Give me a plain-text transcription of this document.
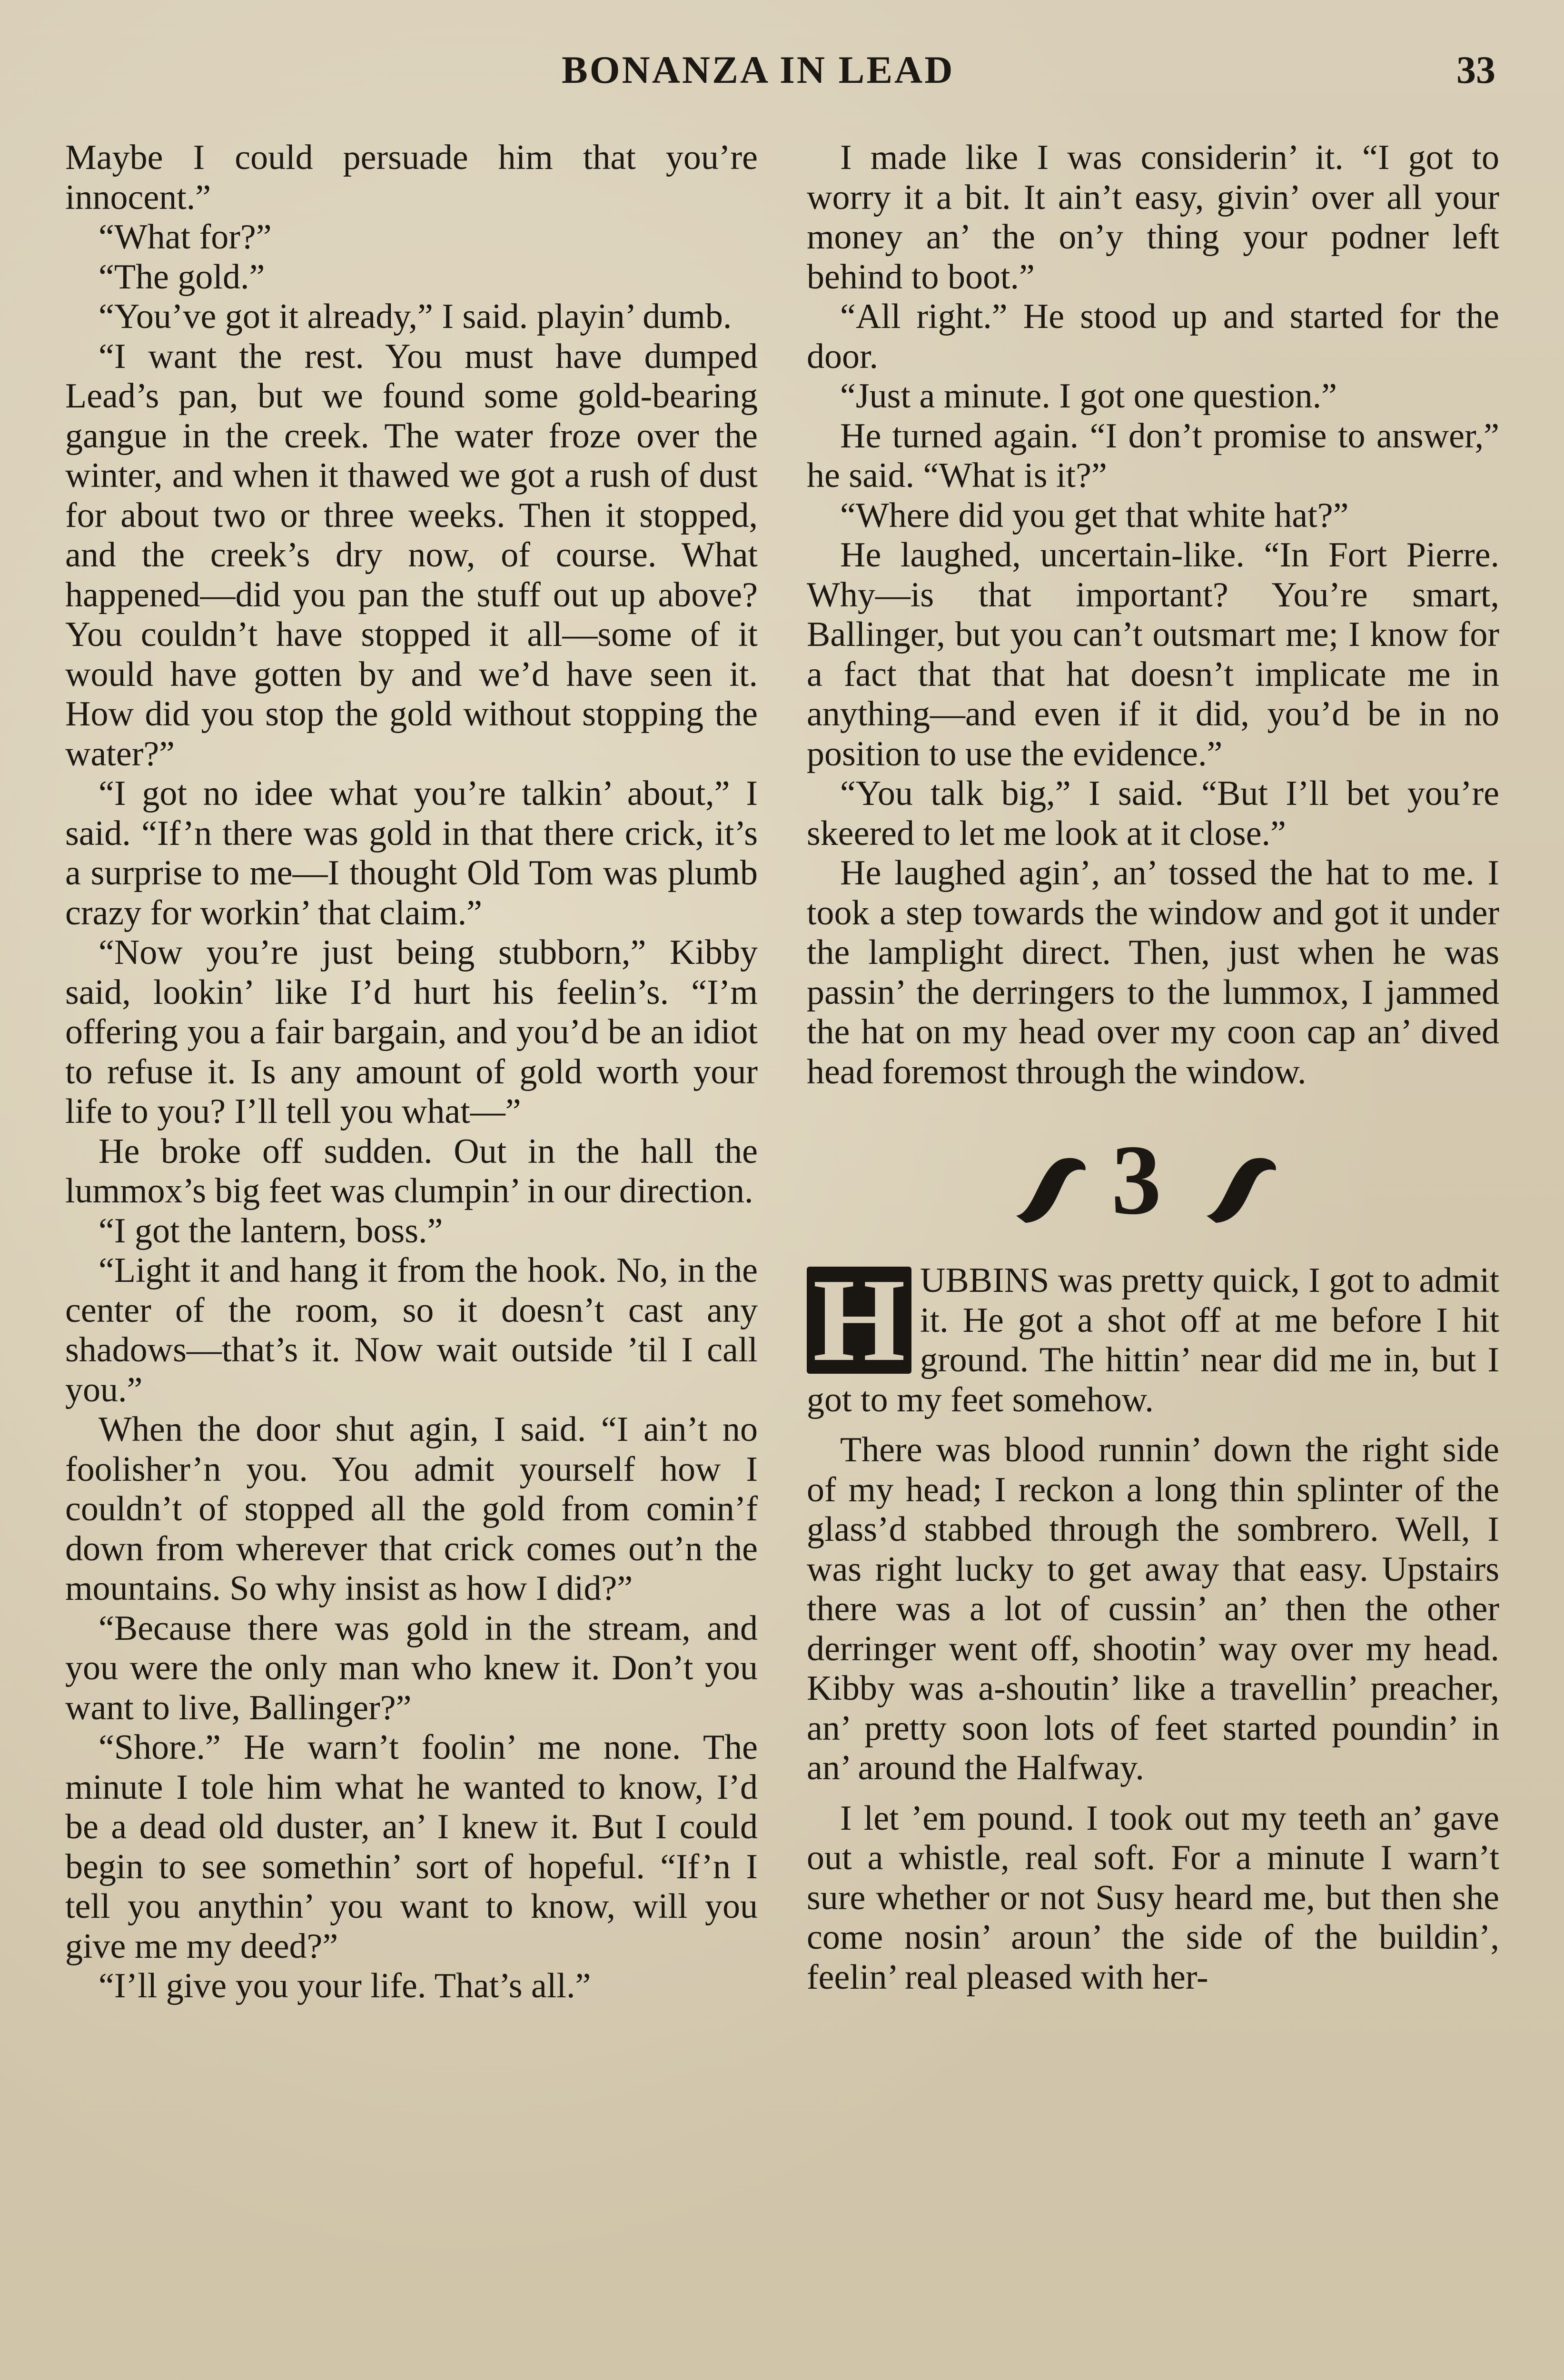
BONANZA IN LEAD	33

Maybe I could persuade him that you’re innocent.”

“What for?”

“The gold.”

“You’ve got it already,” I said. playin’ dumb.

“I want the rest. You must have dumped Lead’s pan, but we found some gold-bearing gangue in the creek. The water froze over the winter, and when it thawed we got a rush of dust for about two or three weeks. Then it stopped, and the creek’s dry now, of course. What happened—did you pan the stuff out up above? You couldn’t have stopped it all—some of it would have gotten by and we’d have seen it. How did you stop the gold without stopping the water?”

“I got no idee what you’re talkin’ about,” I said. “If’n there was gold in that there crick, it’s a surprise to me—I thought Old Tom was plumb crazy for workin’ that claim.”

“Now you’re just being stubborn,” Kibby said, lookin’ like I’d hurt his feelin’s. “I’m offering you a fair bargain, and you’d be an idiot to refuse it. Is any amount of gold worth your life to you? I’ll tell you what—”

He broke off sudden. Out in the hall the lummox’s big feet was clumpin’ in our direction.

“I got the lantern, boss.”

“Light it and hang it from the hook. No, in the center of the room, so it doesn’t cast any shadows—that’s it. Now wait outside ’til I call you.”

When the door shut agin, I said. “I ain’t no foolisher’n you. You admit yourself how I couldn’t of stopped all the gold from comin’f down from wherever that crick comes out’n the mountains. So why insist as how I did?”

“Because there was gold in the stream, and you were the only man who knew it. Don’t you want to live, Ballinger?”

“Shore.” He warn’t foolin’ me none. The minute I tole him what he wanted to know, I’d be a dead old duster, an’ I knew it. But I could begin to see somethin’ sort of hopeful. “If’n I tell you anythin’ you want to know, will you give me my deed?”

“I’ll give you your life. That’s all.”

I made like I was considerin’ it. “I got to worry it a bit. It ain’t easy, givin’ over all your money an’ the on’y thing your podner left behind to boot.”

“All right.” He stood up and started for the door.

“Just a minute. I got one question.”

He turned again. “I don’t promise to answer,” he said. “What is it?”

“Where did you get that white hat?”

He laughed, uncertain-like. “In Fort Pierre. Why—is that important? You’re smart, Ballinger, but you can’t outsmart me; I know for a fact that that hat doesn’t implicate me in anything—and even if it did, you’d be in no position to use the evidence.”

“You talk big,” I said. “But I’ll bet you’re skeered to let me look at it close.”

He laughed agin’, an’ tossed the hat to me. I took a step towards the window and got it under the lamplight direct. Then, just when he was passin’ the derringers to the lummox, I jammed the hat on my head over my coon cap an’ dived head foremost through the window.

3

H UBBINS was pretty quick, I got to admit it. He got a shot off at me before I hit ground. The hittin’ near did me in, but I got to my feet somehow.

There was blood runnin’ down the right side of my head; I reckon a long thin splinter of the glass’d stabbed through the sombrero. Well, I was right lucky to get away that easy. Upstairs there was a lot of cussin’ an’ then the other derringer went off, shootin’ way over my head. Kibby was a-shoutin’ like a travellin’ preacher, an’ pretty soon lots of feet started poundin’ in an’ around the Halfway.

I let ’em pound. I took out my teeth an’ gave out a whistle, real soft. For a minute I warn’t sure whether or not Susy heard me, but then she come nosin’ aroun’ the side of the buildin’, feelin’ real pleased with her-
